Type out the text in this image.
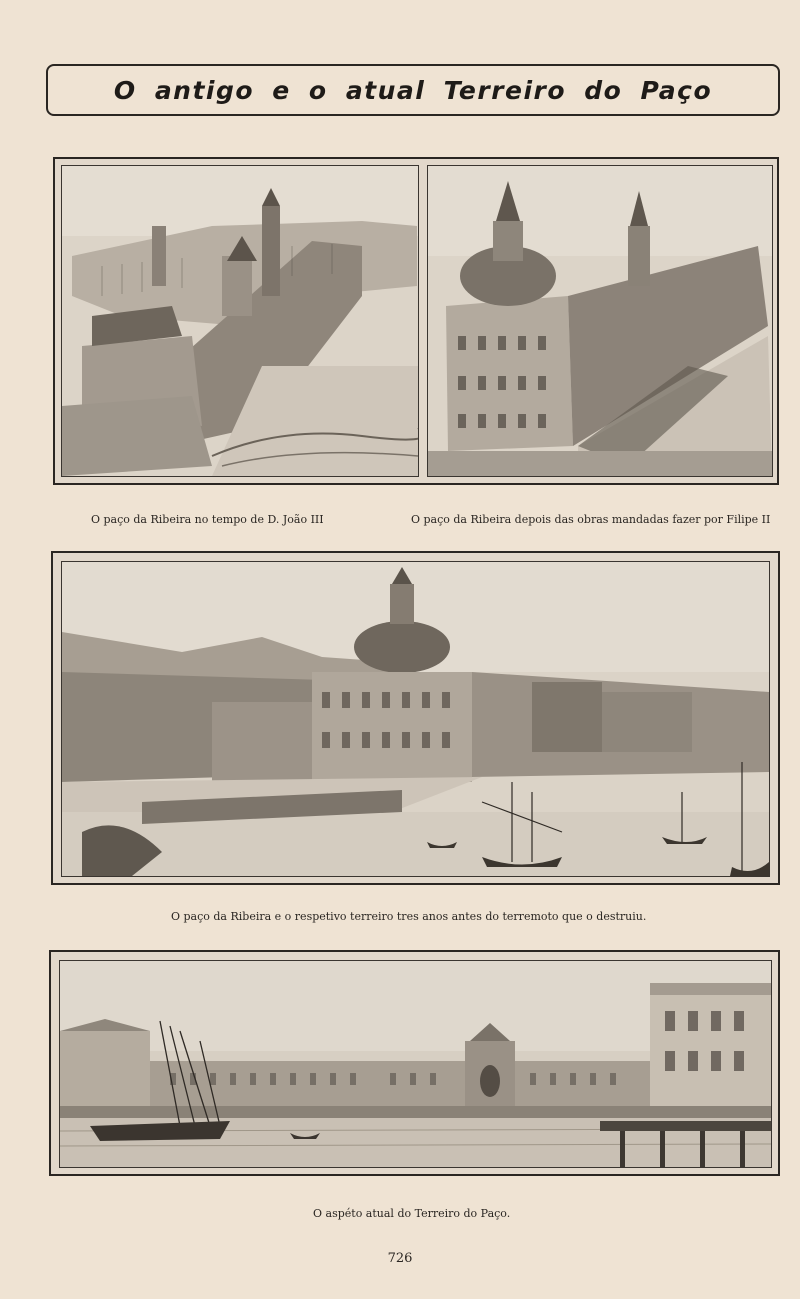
O antigo e o atual Terreiro do Paço
O paço da Ribeira no tempo de D. João III	O paço da Ribeira depois das obras mandadas fazer por Filipe II
O paço da Ribeira e o respetivo terreiro tres anos antes do terremoto que o destruiu.
O aspéto atual do Terreiro do Paço.
726
